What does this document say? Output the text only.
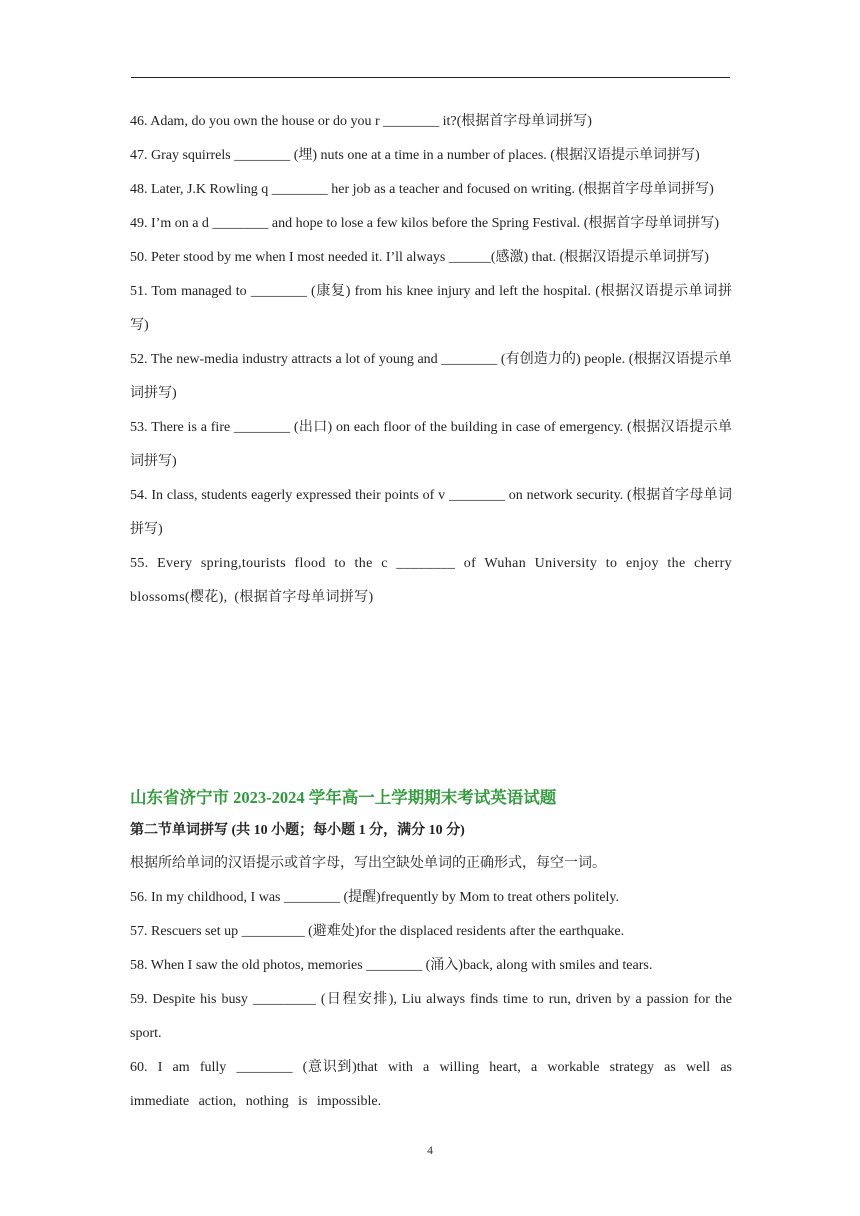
46. Adam, do you own the house or do you r ________ it?(根据首字母单词拼写)

47. Gray squirrels ________ (埋) nuts one at a time in a number of places. (根据汉语提示单词拼写)

48. Later, J.K Rowling q ________ her job as a teacher and focused on writing. (根据首字母单词拼写)

49. I’m on a d ________ and hope to lose a few kilos before the Spring Festival. (根据首字母单词拼写)

50. Peter stood by me when I most needed it. I’ll always ______(感激) that. (根据汉语提示单词拼写)

51. Tom managed to ________ (康复) from his knee injury and left the hospital. (根据汉语提示单词拼写)

52. The new-media industry attracts a lot of young and ________ (有创造力的) people. (根据汉语提示单词拼写)

53. There is a fire ________ (出口) on each floor of the building in case of emergency. (根据汉语提示单词拼写)

54. In class, students eagerly expressed their points of v ________ on network security. (根据首字母单词拼写)

55. Every spring,tourists flood to the c ________ of Wuhan University to enjoy the cherry blossoms(樱花), (根据首字母单词拼写)

山东省济宁市 2023-2024 学年高一上学期期末考试英语试题

第二节单词拼写 (共 10 小题；每小题 1 分，满分 10 分)

根据所给单词的汉语提示或首字母，写出空缺处单词的正确形式，每空一词。

56. In my childhood, I was ________ (提醒)frequently by Mom to treat others politely.

57. Rescuers set up _________ (避难处)for the displaced residents after the earthquake.

58. When I saw the old photos, memories ________ (涌入)back, along with smiles and tears.

59. Despite his busy _________ (日程安排), Liu always finds time to run, driven by a passion for the sport.

60. I am fully ________ (意识到)that with a willing heart, a workable strategy as well as immediate action, nothing is impossible.

4
